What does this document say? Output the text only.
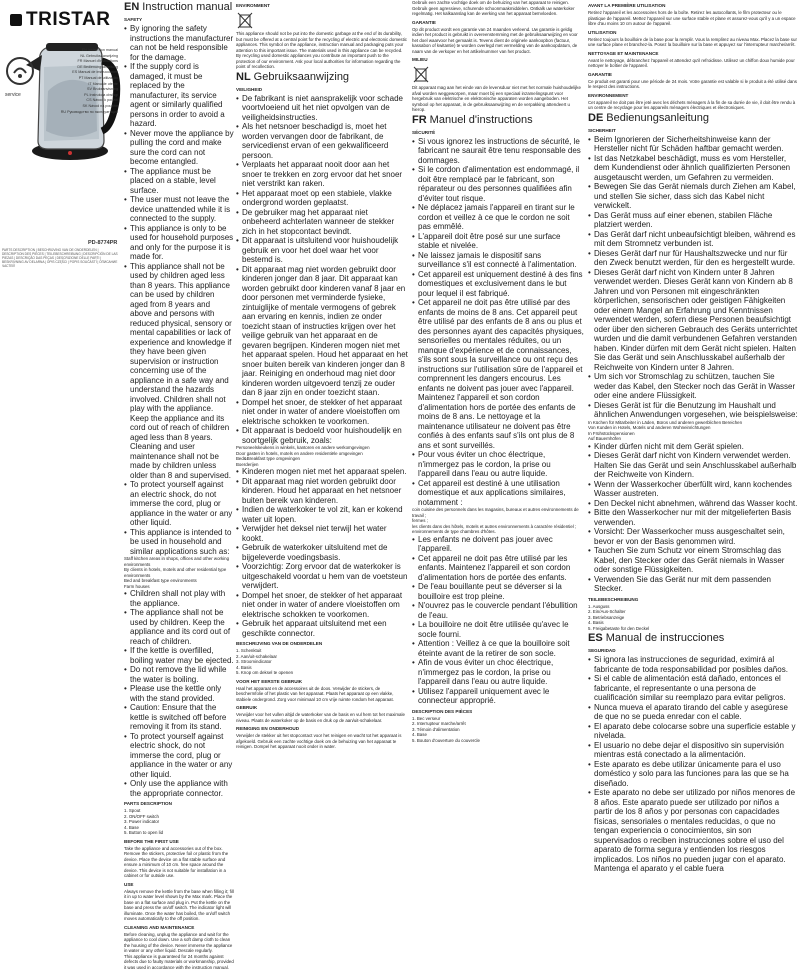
TRISTAR
EN Instruction manual
NL Gebruiksaanwijzing
FR Manuel d'instructions
DE Bedienungsanleitung
ES Manual de instrucciones
PT Manual de utilização
IT Manuale utente
SV Bruksanvisning
PL Instrukcja obsługi
CS Návod k použití
SK Návod na použitie
RU Руководство по эксплуатации
service
PD-8774PR
PARTS DESCRIPTION | BESCHRIJVING VAN DE ONDERDELEN | DESCRIPTION DES PIÈCES | TEILEBESCHREIBUNG | DESCRIPCIÓN DE LAS PIEZAS | DESCRIÇÃO DAS PEÇAS | DESCRIZIONE DELLE PARTI | BESKRIVNING AV DELARNA | OPIS CZĘŚCI | POPIS SOUČÁSTÍ | ОПИСАНИЕ ЧАСТЕЙ
EN Instruction manual
SAFETY
• By ignoring the safety instructions the manufacturer can not be held responsible for the damage.
• If the supply cord is damaged, it must be replaced by the manufacturer, its service agent or similarly qualified persons in order to avoid a hazard.
• Never move the appliance by pulling the cord and make sure the cord can not become entangled.
• The appliance must be placed on a stable, level surface.
• The user must not leave the device unattended while it is connected to the supply.
• This appliance is only to be used for household purposes and only for the purpose it is made for.
• This appliance shall not be used by children aged less than 8 years. This appliance can be used by children aged from 8 years and above and persons with reduced physical, sensory or mental capabilities or lack of experience and knowledge if they have been given supervision or instruction concerning use of the appliance in a safe way and understand the hazards involved. Children shall not play with the appliance. Keep the appliance and its cord out of reach of children aged less than 8 years. Cleaning and user maintenance shall not be made by children unless older than 8 and supervised.
• To protect yourself against an electric shock, do not immerse the cord, plug or appliance in the water or any other liquid.
• This appliance is intended to be used in household and similar applications such as:
Staff kitchen areas in shops, offices and other working environments
By clients in hotels, motels and other residential type environments
Bed and breakfast type environments
Farm houses
• Children shall not play with the appliance.
• The appliance shall not be used by children. Keep the appliance and its cord out of reach of children.
• If the kettle is overfilled, boiling water may be ejected.
• Do not remove the lid while the water is boiling.
• Please use the kettle only with the stand provided.
• Caution: Ensure that the kettle is switched off before removing it from its stand.
• To protect yourself against electric shock, do not immerse the cord, plug or appliance in the water or any other liquid.
• Only use the appliance with the appropriate connector.
PARTS DESCRIPTION
1. Spout
2. ON/OFF switch
3. Power indicator
4. Base
5. Button to open lid
BEFORE THE FIRST USE
Take the appliance and accessories out of the box. Remove the stickers, protective foil or plastic from the device. Place the device on a flat stable surface and ensure a minimum of 10 cm. free space around the device. This device is not suitable for installation in a cabinet or for outside use.
USE
Always remove the kettle from the base when filling it; fill it in up to water level shown by the Max mark. Place the base on a flat surface and plug in. Put the kettle on the base and press the on/off switch. The indicator light will illuminate. Once the water has boiled, the on/off switch moves automatically to the off position.
CLEANING AND MAINTENANCE
Before cleaning, unplug the appliance and wait for the appliance to cool down. Use a soft damp cloth to clean the housing of the device. Never immerse the appliance in water or any other liquid. Descale regularly.
This appliance is guaranteed for 24 months against defects due to faulty materials or workmanship, provided it was used in accordance with the instruction manual.
ENVIRONMENT
This appliance should not be put into the domestic garbage at the end of its durability, but must be offered at a central point for the recycling of electric and electronic domestic appliances. This symbol on the appliance, instruction manual and packaging puts your attention to this important issue. The materials used in this appliance can be recycled. By recycling used domestic appliances you contribute an important push to the protection of our environment. Ask your local authorities for information regarding the point of recollection.
NL Gebruiksaanwijzing
VEILIGHEID
• De fabrikant is niet aansprakelijk voor schade voortvloeiend uit het niet opvolgen van de veiligheidsinstructies.
• Als het netsnoer beschadigd is, moet het worden vervangen door de fabrikant, de servicedienst ervan of een gekwalificeerd persoon.
• Verplaats het apparaat nooit door aan het snoer te trekken en zorg ervoor dat het snoer niet verstrikt kan raken.
• Het apparaat moet op een stabiele, vlakke ondergrond worden geplaatst.
• De gebruiker mag het apparaat niet onbeheerd achterlaten wanneer de stekker zich in het stopcontact bevindt.
• Dit apparaat is uitsluitend voor huishoudelijk gebruik en voor het doel waar het voor bestemd is.
• Dit apparaat mag niet worden gebruikt door kinderen jonger dan 8 jaar. Dit apparaat kan worden gebruikt door kinderen vanaf 8 jaar en door personen met verminderde fysieke, zintuiglijke of mentale vermogens of gebrek aan ervaring en kennis, indien ze onder toezicht staan of instructies krijgen over het veilige gebruik van het apparaat en de gevaren begrijpen. Kinderen mogen niet met het apparaat spelen. Houd het apparaat en het snoer buiten bereik van kinderen jonger dan 8 jaar. Reiniging en onderhoud mag niet door kinderen worden uitgevoerd tenzij ze ouder dan 8 jaar zijn en onder toezicht staan.
• Dompel het snoer, de stekker of het apparaat niet onder in water of andere vloeistoffen om elektrische schokken te voorkomen.
• Dit apparaat is bedoeld voor huishoudelijk en soortgelijk gebruik, zoals:
Personeelskeukens in winkels, kantoren en andere werkomgevingen
Door gasten in hotels, motels en andere residentiële omgevingen
Bed&Breakfast type omgevingen
Boerderijen
• Kinderen mogen niet met het apparaat spelen.
• Dit apparaat mag niet worden gebruikt door kinderen. Houd het apparaat en het netsnoer buiten bereik van kinderen.
• Indien de waterkoker te vol zit, kan er kokend water uit lopen.
• Verwijder het deksel niet terwijl het water kookt.
• Gebruik de waterkoker uitsluitend met de bijgeleverde voedingsbasis.
• Voorzichtig: Zorg ervoor dat de waterkoker is uitgeschakeld voordat u hem van de voetsteun verwijdert.
• Dompel het snoer, de stekker of het apparaat niet onder in water of andere vloeistoffen om elektrische schokken te voorkomen.
• Gebruik het apparaat uitsluitend met een geschikte connector.
BESCHRIJVING VAN DE ONDERDELEN
1. Schenktuit
2. Aan/uit-schakelaar
3. Stroomindicator
4. Basis
5. Knop om deksel te openen
VOOR HET EERSTE GEBRUIK
Haal het apparaat en de accessoires uit de doos. Verwijder de stickers, de beschermfolie of het plastic van het apparaat. Plaats het apparaat op een vlakke, stabiele ondergrond. Zorg voor minimaal 10 cm vrije ruimte rondom het apparaat.
GEBRUIK
Verwijder voor het vullen altijd de waterkoker van de basis en vul hem tot het maximale niveau. Plaats de waterkoker op de basis en druk op de aan/uit-schakelaar.
REINIGING EN ONDERHOUD
Verwijder de stekker uit het stopcontact voor het reinigen en wacht tot het apparaat is afgekoeld. Gebruik een zachte vochtige doek om de behuizing van het apparaat te reinigen. Dompel het apparaat nooit onder in water.
Gebruik een zachte vochtige doek om de behuizing van het apparaat te reinigen. Gebruik geen agressieve, schurende schoonmaakmiddelen. Ontkalk uw waterkoker regelmatig. Het kalkaanslag kan de werking van het apparaat beïnvloeden.
GARANTIE
Op dit product wordt een garantie van 24 maanden verleend. Uw garantie is geldig indien het product is gebruikt in overeenstemming met de gebruiksaanwijzing en voor het doel waarvoor het gemaakt is. Tevens dient de originele aankoopbon (factuur, kassabon of kwitantie) te worden overlegd met vermelding van de aankoopdatum, de naam van de verkoper en het artikelnummer van het product.
MILIEU
Dit apparaat mag aan het einde van de levensduur niet met het normale huishoudelijke afval worden weggeworpen, maar moet bij een speciaal inzamelingspunt voor hergebruik van elektrische en elektronische apparaten worden aangeboden. Het symbool op het apparaat, in de gebruiksaanwijzing en de verpakking attendeert u hierop.
FR Manuel d'instructions
SÉCURITÉ
• Si vous ignorez les instructions de sécurité, le fabricant ne saurait être tenu responsable des dommages.
• Si le cordon d'alimentation est endommagé, il doit être remplacé par le fabricant, son réparateur ou des personnes qualifiées afin d'éviter tout risque.
• Ne déplacez jamais l'appareil en tirant sur le cordon et veillez à ce que le cordon ne soit pas emmêlé.
• L'appareil doit être posé sur une surface stable et nivelée.
• Ne laissez jamais le dispositif sans surveillance s'il est connecté à l'alimentation.
• Cet appareil est uniquement destiné à des fins domestiques et exclusivement dans le but pour lequel il est fabriqué.
• Cet appareil ne doit pas être utilisé par des enfants de moins de 8 ans. Cet appareil peut être utilisé par des enfants de 8 ans ou plus et des personnes ayant des capacités physiques, sensorielles ou mentales réduites, ou un manque d'expérience et de connaissances, s'ils sont sous la surveillance ou ont reçu des instructions sur l'utilisation sûre de l'appareil et comprennent les dangers encourus. Les enfants ne doivent pas jouer avec l'appareil. Maintenez l'appareil et son cordon d'alimentation hors de portée des enfants de moins de 8 ans. Le nettoyage et la maintenance utilisateur ne doivent pas être confiés à des enfants sauf s'ils ont plus de 8 ans et sont surveillés.
• Pour vous éviter un choc électrique, n'immergez pas le cordon, la prise ou l'appareil dans l'eau ou autre liquide.
• Cet appareil est destiné à une utilisation domestique et aux applications similaires, notamment :
coin cuisine des personnels dans les magasins, bureaux et autres environnements de travail ;
fermes ;
les clients dans des hôtels, motels et autres environnements à caractère résidentiel ;
environnements de type chambres d'hôtes.
• Les enfants ne doivent pas jouer avec l'appareil.
• Cet appareil ne doit pas être utilisé par les enfants. Maintenez l'appareil et son cordon d'alimentation hors de portée des enfants.
• De l'eau bouillante peut se déverser si la bouilloire est trop pleine.
• N'ouvrez pas le couvercle pendant l'ébullition de l'eau.
• La bouilloire ne doit être utilisée qu'avec le socle fourni.
• Attention : Veillez à ce que la bouilloire soit éteinte avant de la retirer de son socle.
• Afin de vous éviter un choc électrique, n'immergez pas le cordon, la prise ou l'appareil dans l'eau ou autre liquide.
• Utilisez l'appareil uniquement avec le connecteur approprié.
DESCRIPTION DES PIÈCES
1. Bec verseur
2. Interrupteur marche/arrêt
3. Témoin d'alimentation
4. Base
5. Bouton d'ouverture du couvercle
AVANT LA PREMIÈRE UTILISATION
Retirez l'appareil et les accessoires hors de la boîte. Retirez les autocollants, le film protecteur ou le plastique de l'appareil. Mettez l'appareil sur une surface stable et plane et assurez-vous qu'il y a un espace libre d'au moins 10 cm autour de l'appareil.
UTILISATION
Retirez toujours la bouilloire de la base pour la remplir. Vous la remplirez au niveau Max. Placez la base sur une surface plane et branchez-la. Posez la bouilloire sur la base et appuyez sur l'interrupteur marche/arrêt.
NETTOYAGE ET MAINTENANCE
Avant le nettoyage, débranchez l'appareil et attendez qu'il refroidisse. Utilisez un chiffon doux humide pour nettoyer le boîtier de l'appareil.
GARANTIE
Ce produit est garanti pour une période de 24 mois. Votre garantie est valable si le produit a été utilisé dans le respect des instructions.
ENVIRONNEMENT
Cet appareil ne doit pas être jeté avec les déchets ménagers à la fin de sa durée de vie, il doit être rendu à un centre de recyclage pour les appareils ménagers électriques et électroniques.
DE Bedienungsanleitung
SICHERHEIT
• Beim Ignorieren der Sicherheitshinweise kann der Hersteller nicht für Schäden haftbar gemacht werden.
• Ist das Netzkabel beschädigt, muss es vom Hersteller, dem Kundendienst oder ähnlich qualifizierten Personen ausgetauscht werden, um Gefahren zu vermeiden.
• Bewegen Sie das Gerät niemals durch Ziehen am Kabel, und stellen Sie sicher, dass sich das Kabel nicht verwickelt.
• Das Gerät muss auf einer ebenen, stabilen Fläche platziert werden.
• Das Gerät darf nicht unbeaufsichtigt bleiben, während es mit dem Stromnetz verbunden ist.
• Dieses Gerät darf nur für Haushaltszwecke und nur für den Zweck benutzt werden, für den es hergestellt wurde.
• Dieses Gerät darf nicht von Kindern unter 8 Jahren verwendet werden. Dieses Gerät kann von Kindern ab 8 Jahren und von Personen mit eingeschränkten körperlichen, sensorischen oder geistigen Fähigkeiten oder einem Mangel an Erfahrung und Kenntnissen verwendet werden, sofern diese Personen beaufsichtigt oder über den sicheren Gebrauch des Geräts unterrichtet wurden und die damit verbundenen Gefahren verstanden haben. Kinder dürfen mit dem Gerät nicht spielen. Halten Sie das Gerät und sein Anschlusskabel außerhalb der Reichweite von Kindern unter 8 Jahren.
• Um sich vor Stromschlag zu schützen, tauchen Sie weder das Kabel, den Stecker noch das Gerät in Wasser oder eine andere Flüssigkeit.
• Dieses Gerät ist für die Benutzung im Haushalt und ähnlichen Anwendungen vorgesehen, wie beispielsweise:
In Küchen für Mitarbeiter in Läden, Büros und anderen gewerblichen Bereichen
Von Kunden in Hotels, Motels und anderen Wohneinrichtungen
In Frühstückspensionen
Auf Bauernhöfen
• Kinder dürfen nicht mit dem Gerät spielen.
• Dieses Gerät darf nicht von Kindern verwendet werden. Halten Sie das Gerät und sein Anschlusskabel außerhalb der Reichweite von Kindern.
• Wenn der Wasserkocher überfüllt wird, kann kochendes Wasser austreten.
• Den Deckel nicht abnehmen, während das Wasser kocht.
• Bitte den Wasserkocher nur mit der mitgelieferten Basis verwenden.
• Vorsicht: Der Wasserkocher muss ausgeschaltet sein, bevor er von der Basis genommen wird.
• Tauchen Sie zum Schutz vor einem Stromschlag das Kabel, den Stecker oder das Gerät niemals in Wasser oder sonstige Flüssigkeiten.
• Verwenden Sie das Gerät nur mit dem passenden Stecker.
TEILEBESCHREIBUNG
1. Ausguss
2. Ein/Aus-Schalter
3. Betriebsanzeige
4. Basis
5. Freigabetaste für den Deckel
ES Manual de instrucciones
SEGURIDAD
• Si ignora las instrucciones de seguridad, eximirá al fabricante de toda responsabilidad por posibles daños.
• Si el cable de alimentación está dañado, entonces el fabricante, el representante o una persona de cualificación similar su reemplazo para evitar peligros.
• Nunca mueva el aparato tirando del cable y asegúrese de que no se pueda enredar con el cable.
• El aparato debe colocarse sobre una superficie estable y nivelada.
• El usuario no debe dejar el dispositivo sin supervisión mientras está conectado a la alimentación.
• Este aparato es debe utilizar únicamente para el uso doméstico y solo para las funciones para las que se ha diseñado.
• Este aparato no debe ser utilizado por niños menores de 8 años. Este aparato puede ser utilizado por niños a partir de los 8 años y por personas con capacidades físicas, sensoriales o mentales reducidas, o que no tengan experiencia o conocimientos, sin son supervisados o reciben instrucciones sobre el uso del aparato de forma segura y entienden los riesgos implicados. Los niños no pueden jugar con el aparato. Mantenga el aparato y el cable fuera
